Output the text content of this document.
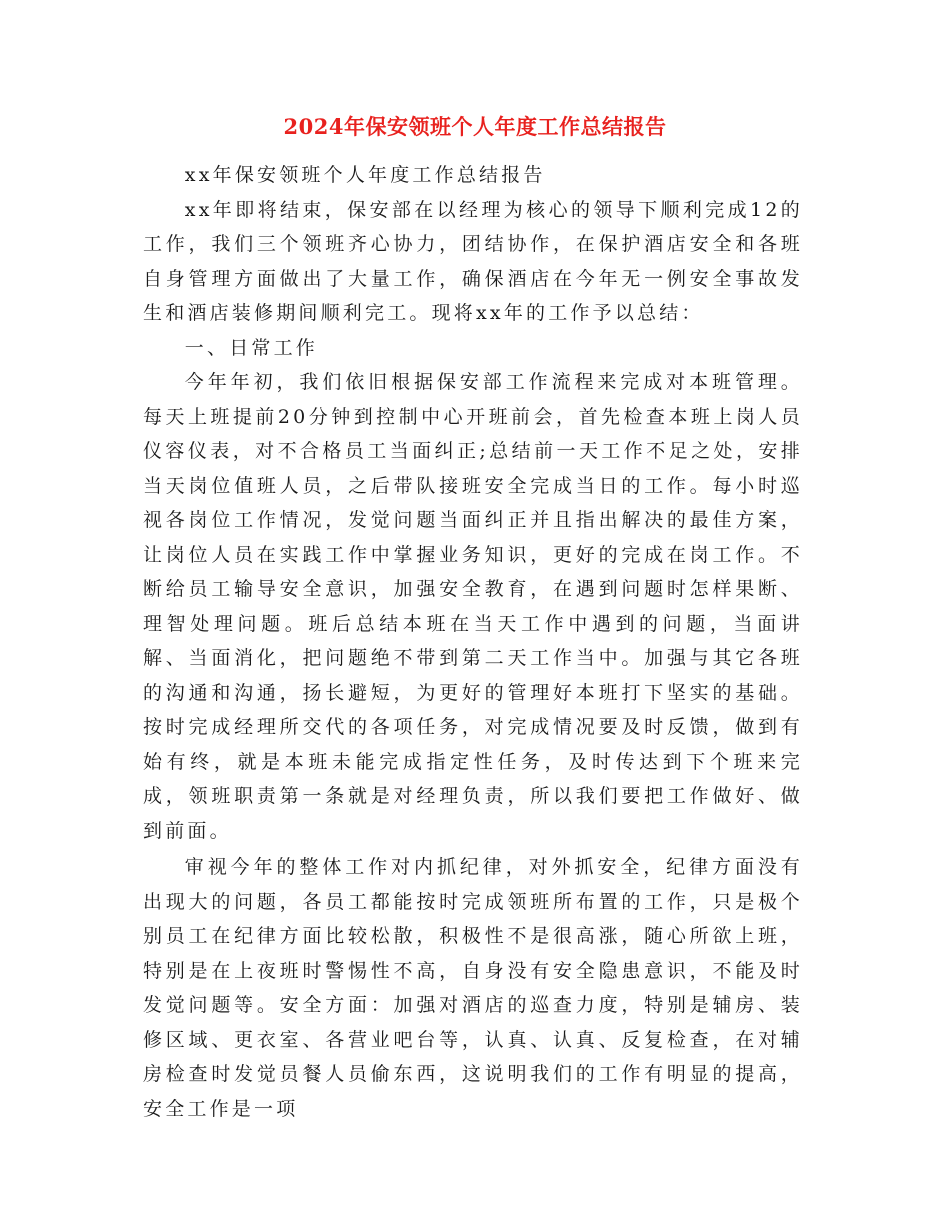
2024年保安领班个人年度工作总结报告

xx年保安领班个人年度工作总结报告

xx年即将结束，保安部在以经理为核心的领导下顺利完成12的工作，我们三个领班齐心协力，团结协作，在保护酒店安全和各班自身管理方面做出了大量工作，确保酒店在今年无一例安全事故发生和酒店装修期间顺利完工。现将xx年的工作予以总结：

一、日常工作

今年年初，我们依旧根据保安部工作流程来完成对本班管理。每天上班提前20分钟到控制中心开班前会，首先检查本班上岗人员仪容仪表，对不合格员工当面纠正;总结前一天工作不足之处，安排当天岗位值班人员，之后带队接班安全完成当日的工作。每小时巡视各岗位工作情况，发觉问题当面纠正并且指出解决的最佳方案，让岗位人员在实践工作中掌握业务知识，更好的完成在岗工作。不断给员工输导安全意识，加强安全教育，在遇到问题时怎样果断、理智处理问题。班后总结本班在当天工作中遇到的问题，当面讲解、当面消化，把问题绝不带到第二天工作当中。加强与其它各班的沟通和沟通，扬长避短，为更好的管理好本班打下坚实的基础。按时完成经理所交代的各项任务，对完成情况要及时反馈，做到有始有终，就是本班未能完成指定性任务，及时传达到下个班来完成，领班职责第一条就是对经理负责，所以我们要把工作做好、做到前面。

审视今年的整体工作对内抓纪律，对外抓安全，纪律方面没有出现大的问题，各员工都能按时完成领班所布置的工作，只是极个别员工在纪律方面比较松散，积极性不是很高涨，随心所欲上班，特别是在上夜班时警惕性不高，自身没有安全隐患意识，不能及时发觉问题等。安全方面：加强对酒店的巡查力度，特别是辅房、装修区域、更衣室、各营业吧台等，认真、认真、反复检查，在对辅房检查时发觉员餐人员偷东西，这说明我们的工作有明显的提高，安全工作是一项
